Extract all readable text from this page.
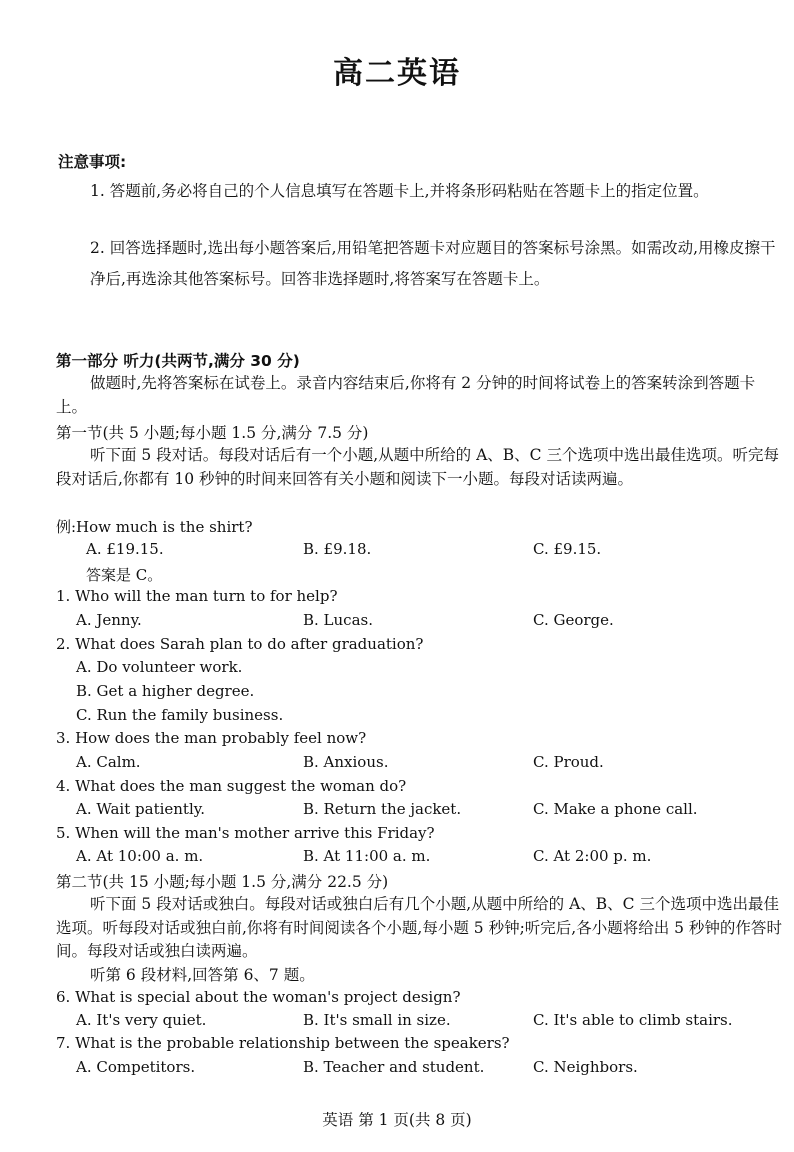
高二英语
注意事项:
1. 答题前,务必将自己的个人信息填写在答题卡上,并将条形码粘贴在答题卡上的指定位置。
2. 回答选择题时,选出每小题答案后,用铅笔把答题卡对应题目的答案标号涂黑。如需改动,用橡皮擦干净后,再选涂其他答案标号。回答非选择题时,将答案写在答题卡上。
第一部分 听力(共两节,满分 30 分)
做题时,先将答案标在试卷上。录音内容结束后,你将有 2 分钟的时间将试卷上的答案转涂到答题卡上。
第一节(共 5 小题;每小题 1.5 分,满分 7.5 分)
听下面 5 段对话。每段对话后有一个小题,从题中所给的 A、B、C 三个选项中选出最佳选项。听完每段对话后,你都有 10 秒钟的时间来回答有关小题和阅读下一小题。每段对话读两遍。
例:How much is the shirt?
A. £19.15.	B. £9.18.	C. £9.15.
答案是 C。
1. Who will the man turn to for help?
A. Jenny.	B. Lucas.	C. George.
2. What does Sarah plan to do after graduation?
A. Do volunteer work.
B. Get a higher degree.
C. Run the family business.
3. How does the man probably feel now?
A. Calm.	B. Anxious.	C. Proud.
4. What does the man suggest the woman do?
A. Wait patiently.	B. Return the jacket.	C. Make a phone call.
5. When will the man's mother arrive this Friday?
A. At 10:00 a. m.	B. At 11:00 a. m.	C. At 2:00 p. m.
第二节(共 15 小题;每小题 1.5 分,满分 22.5 分)
听下面 5 段对话或独白。每段对话或独白后有几个小题,从题中所给的 A、B、C 三个选项中选出最佳选项。听每段对话或独白前,你将有时间阅读各个小题,每小题 5 秒钟;听完后,各小题将给出 5 秒钟的作答时间。每段对话或独白读两遍。
听第 6 段材料,回答第 6、7 题。
6. What is special about the woman's project design?
A. It's very quiet.	B. It's small in size.	C. It's able to climb stairs.
7. What is the probable relationship between the speakers?
A. Competitors.	B. Teacher and student.	C. Neighbors.
英语 第 1 页(共 8 页)
